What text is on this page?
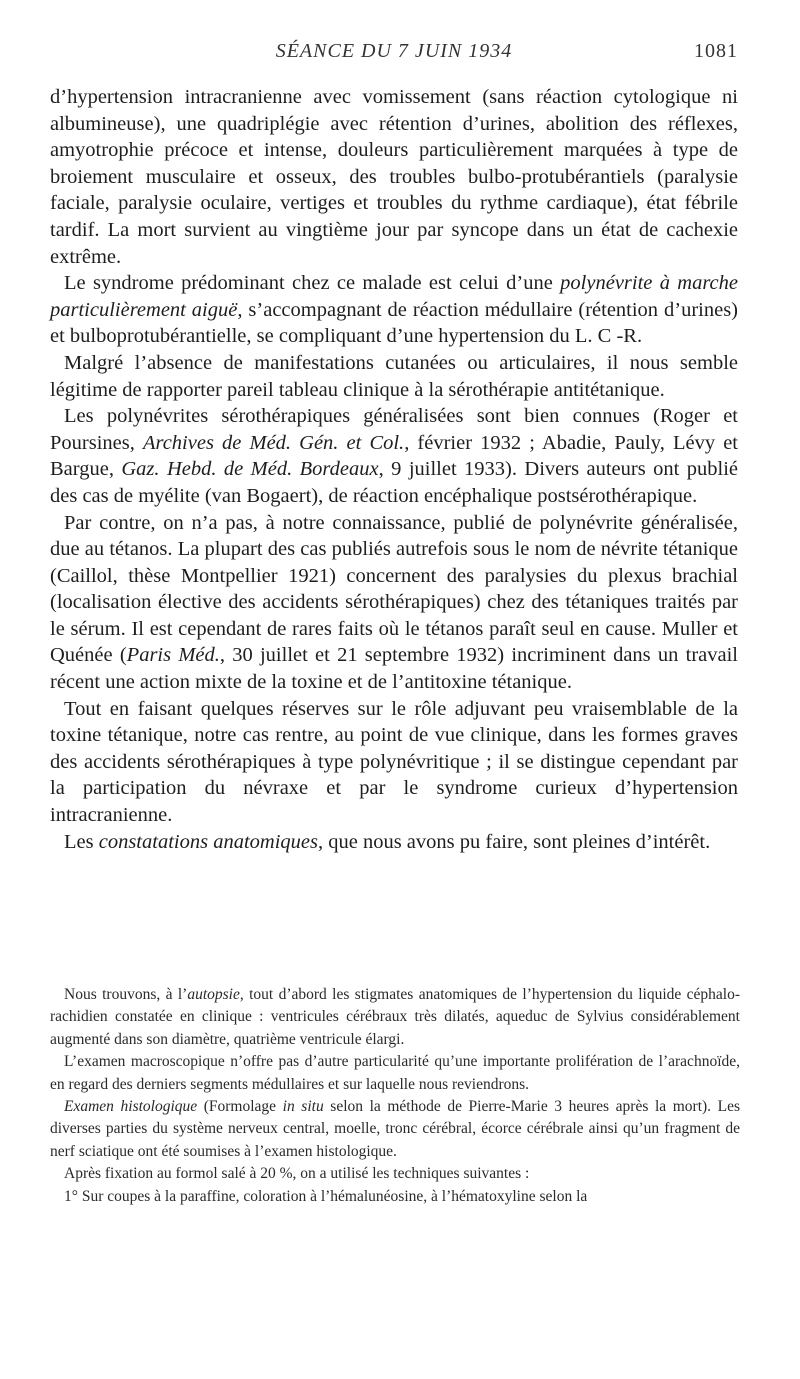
SÉANCE DU 7 JUIN 1934	1081

d’hypertension intracranienne avec vomissement (sans réaction cytologique ni albumineuse), une quadriplégie avec rétention d’urines, abolition des réflexes, amyotrophie précoce et intense, douleurs particulièrement marquées à type de broiement musculaire et osseux, des troubles bulbo-protubérantiels (paralysie faciale, paralysie oculaire, vertiges et troubles du rythme cardiaque), état fébrile tardif. La mort survient au vingtième jour par syncope dans un état de cachexie extrême.

Le syndrome prédominant chez ce malade est celui d’une polynévrite à marche particulièrement aiguë, s’accompagnant de réaction médullaire (rétention d’urines) et bulboprotubérantielle, se compliquant d’une hypertension du L. C -R.

Malgré l’absence de manifestations cutanées ou articulaires, il nous semble légitime de rapporter pareil tableau clinique à la sérothérapie antitétanique.

Les polynévrites sérothérapiques généralisées sont bien connues (Roger et Poursines, Archives de Méd. Gén. et Col., février 1932 ; Abadie, Pauly, Lévy et Bargue, Gaz. Hebd. de Méd. Bordeaux, 9 juillet 1933). Divers auteurs ont publié des cas de myélite (van Bogaert), de réaction encéphalique postsérothérapique.

Par contre, on n’a pas, à notre connaissance, publié de polynévrite généralisée, due au tétanos. La plupart des cas publiés autrefois sous le nom de névrite tétanique (Caillol, thèse Montpellier 1921) concernent des paralysies du plexus brachial (localisation élective des accidents sérothérapiques) chez des tétaniques traités par le sérum. Il est cependant de rares faits où le tétanos paraît seul en cause. Muller et Quénée (Paris Méd., 30 juillet et 21 septembre 1932) incriminent dans un travail récent une action mixte de la toxine et de l’antitoxine tétanique.

Tout en faisant quelques réserves sur le rôle adjuvant peu vraisemblable de la toxine tétanique, notre cas rentre, au point de vue clinique, dans les formes graves des accidents sérothérapiques à type polynévritique ; il se distingue cependant par la participation du névraxe et par le syndrome curieux d’hypertension intracranienne.

Les constatations anatomiques, que nous avons pu faire, sont pleines d’intérêt.

Nous trouvons, à l’autopsie, tout d’abord les stigmates anatomiques de l’hypertension du liquide céphalo-rachidien constatée en clinique : ventricules cérébraux très dilatés, aqueduc de Sylvius considérablement augmenté dans son diamètre, quatrième ventricule élargi.

L’examen macroscopique n’offre pas d’autre particularité qu’une importante prolifération de l’arachnoïde, en regard des derniers segments médullaires et sur laquelle nous reviendrons.

Examen histologique (Formolage in situ selon la méthode de Pierre-Marie 3 heures après la mort). Les diverses parties du système nerveux central, moelle, tronc cérébral, écorce cérébrale ainsi qu’un fragment de nerf sciatique ont été soumises à l’examen histologique.

Après fixation au formol salé à 20 %, on a utilisé les techniques suivantes :

1° Sur coupes à la paraffine, coloration à l’hémalunéosine, à l’hématoxyline selon la
